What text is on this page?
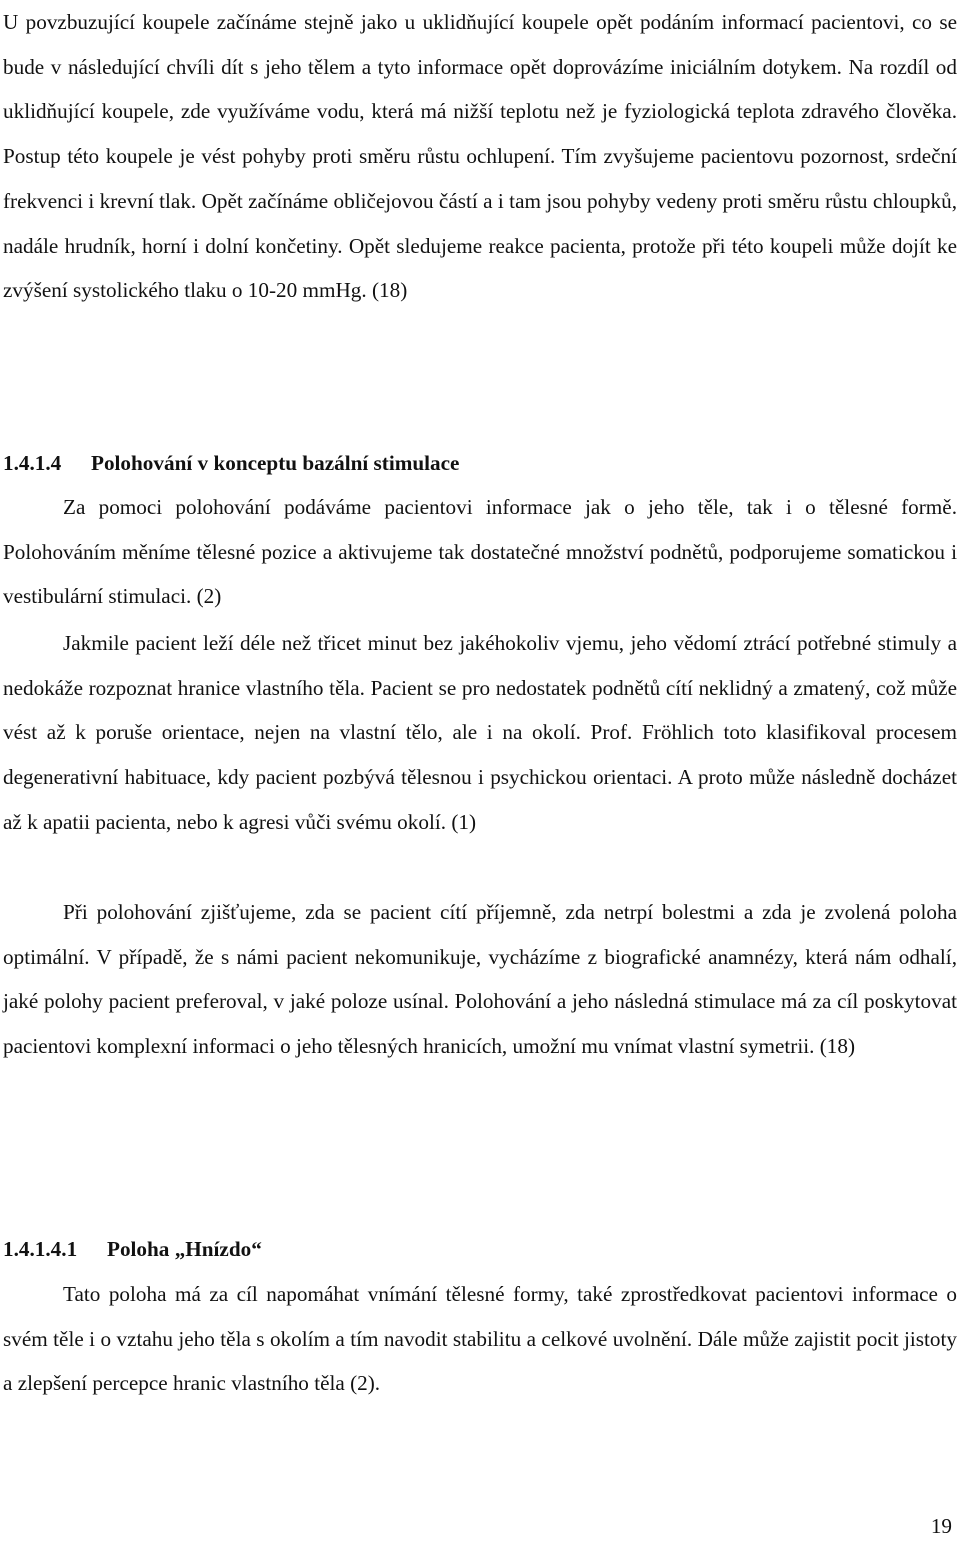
U povzbuzující koupele začínáme stejně jako u uklidňující koupele opět podáním informací pacientovi, co se bude v následující chvíli dít s jeho tělem a tyto informace opět doprovázíme iniciálním dotykem. Na rozdíl od uklidňující koupele, zde využíváme vodu, která má nižší teplotu než je fyziologická teplota zdravého člověka. Postup této koupele je vést pohyby proti směru růstu ochlupení. Tím zvyšujeme pacientovu pozornost, srdeční frekvenci i krevní tlak. Opět začínáme obličejovou částí a i tam jsou pohyby vedeny proti směru růstu chloupků, nadále hrudník, horní i dolní končetiny. Opět sledujeme reakce pacienta, protože při této koupeli může dojít ke zvýšení systolického tlaku o 10-20 mmHg. (18)

1.4.1.4 Polohování v konceptu bazální stimulace

Za pomoci polohování podáváme pacientovi informace jak o jeho těle, tak i o tělesné formě. Polohováním měníme tělesné pozice a aktivujeme tak dostatečné množství podnětů, podporujeme somatickou i vestibulární stimulaci. (2)

Jakmile pacient leží déle než třicet minut bez jakéhokoliv vjemu, jeho vědomí ztrácí potřebné stimuly a nedokáže rozpoznat hranice vlastního těla. Pacient se pro nedostatek podnětů cítí neklidný a zmatený, což může vést až k poruše orientace, nejen na vlastní tělo, ale i na okolí. Prof. Fröhlich toto klasifikoval procesem degenerativní habituace, kdy pacient pozbývá tělesnou i psychickou orientaci. A proto může následně docházet až k apatii pacienta, nebo k agresi vůči svému okolí. (1)

Při polohování zjišťujeme, zda se pacient cítí příjemně, zda netrpí bolestmi a zda je zvolená poloha optimální. V případě, že s námi pacient nekomunikuje, vycházíme z biografické anamnézy, která nám odhalí, jaké polohy pacient preferoval, v jaké poloze usínal. Polohování a jeho následná stimulace má za cíl poskytovat pacientovi komplexní informaci o jeho tělesných hranicích, umožní mu vnímat vlastní symetrii. (18)

1.4.1.4.1 Poloha „Hnízdo“

Tato poloha má za cíl napomáhat vnímání tělesné formy, také zprostředkovat pacientovi informace o svém těle i o vztahu jeho těla s okolím a tím navodit stabilitu a celkové uvolnění. Dále může zajistit pocit jistoty a zlepšení percepce hranic vlastního těla (2).

19
